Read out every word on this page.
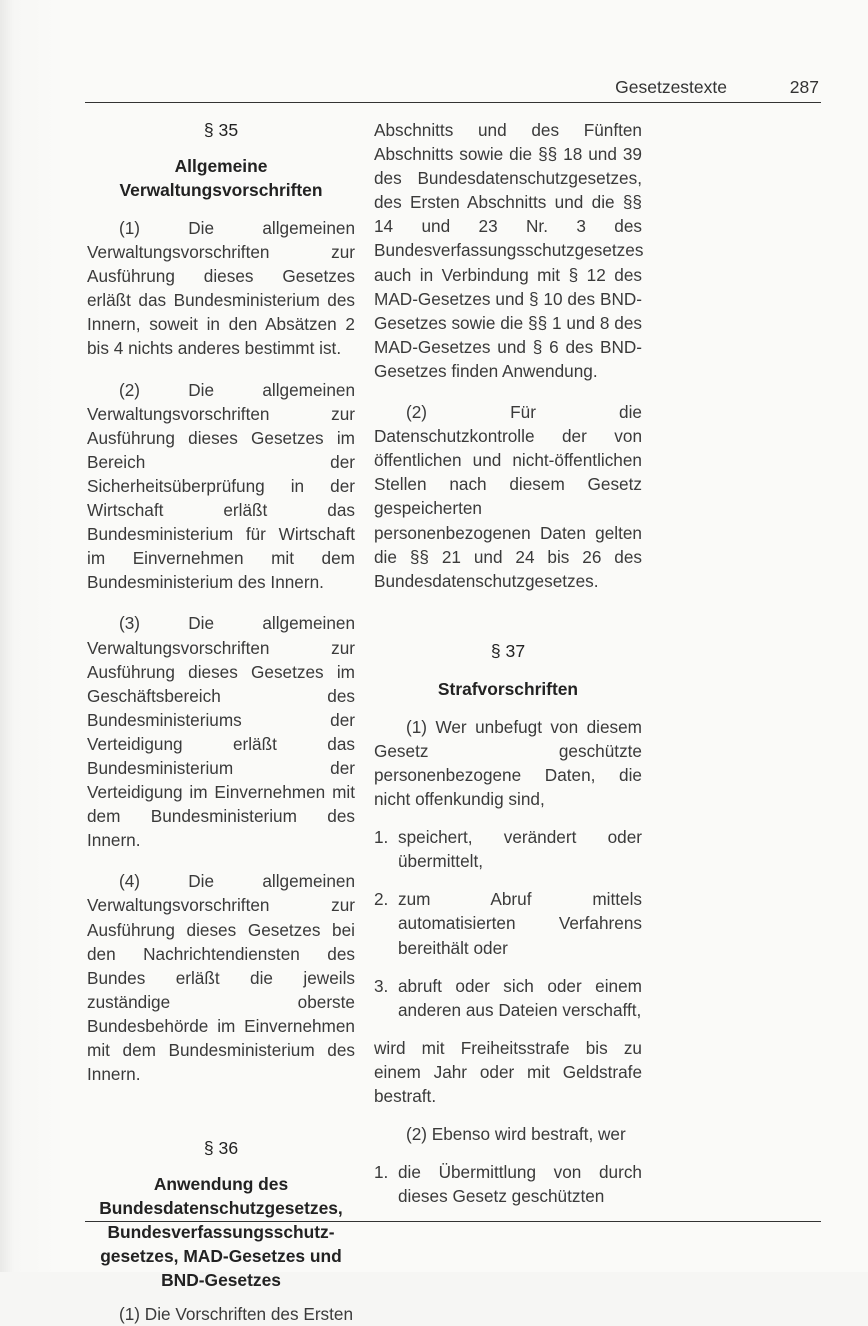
Gesetzestexte	287

§ 35

Allgemeine
Verwaltungsvorschriften

(1) Die allgemeinen Verwaltungsvorschriften zur Ausführung dieses Gesetzes erläßt das Bundesministerium des Innern, soweit in den Absätzen 2 bis 4 nichts anderes bestimmt ist.

(2) Die allgemeinen Verwaltungsvorschriften zur Ausführung dieses Gesetzes im Bereich der Sicherheitsüberprüfung in der Wirtschaft erläßt das Bundesministerium für Wirtschaft im Einvernehmen mit dem Bundesministerium des Innern.

(3) Die allgemeinen Verwaltungsvorschriften zur Ausführung dieses Gesetzes im Geschäftsbereich des Bundesministeriums der Verteidigung erläßt das Bundesministerium der Verteidigung im Einvernehmen mit dem Bundesministerium des Innern.

(4) Die allgemeinen Verwaltungsvorschriften zur Ausführung dieses Gesetzes bei den Nachrichtendiensten des Bundes erläßt die jeweils zuständige oberste Bundesbehörde im Einvernehmen mit dem Bundesministerium des Innern.

§ 36

Anwendung des
Bundesdatenschutzgesetzes,
Bundesverfassungsschutz-
gesetzes, MAD-Gesetzes und
BND-Gesetzes

(1) Die Vorschriften des Ersten

Abschnitts und des Fünften Abschnitts sowie die §§ 18 und 39 des Bundesdatenschutzgesetzes, des Ersten Abschnitts und die §§ 14 und 23 Nr. 3 des Bundesverfassungsschutzgesetzes auch in Verbindung mit § 12 des MAD-Gesetzes und § 10 des BND-Gesetzes sowie die §§ 1 und 8 des MAD-Gesetzes und § 6 des BND-Gesetzes finden Anwendung.

(2) Für die Datenschutzkontrolle der von öffentlichen und nicht-öffentlichen Stellen nach diesem Gesetz gespeicherten personenbezogenen Daten gelten die §§ 21 und 24 bis 26 des Bundesdatenschutzgesetzes.

§ 37

Strafvorschriften

(1) Wer unbefugt von diesem Gesetz geschützte personenbezogene Daten, die nicht offenkundig sind,

1. speichert, verändert oder übermittelt,
2. zum Abruf mittels automatisierten Verfahrens bereithält oder
3. abruft oder sich oder einem anderen aus Dateien verschafft,

wird mit Freiheitsstrafe bis zu einem Jahr oder mit Geldstrafe bestraft.

(2) Ebenso wird bestraft, wer

1. die Übermittlung von durch dieses Gesetz geschützten
